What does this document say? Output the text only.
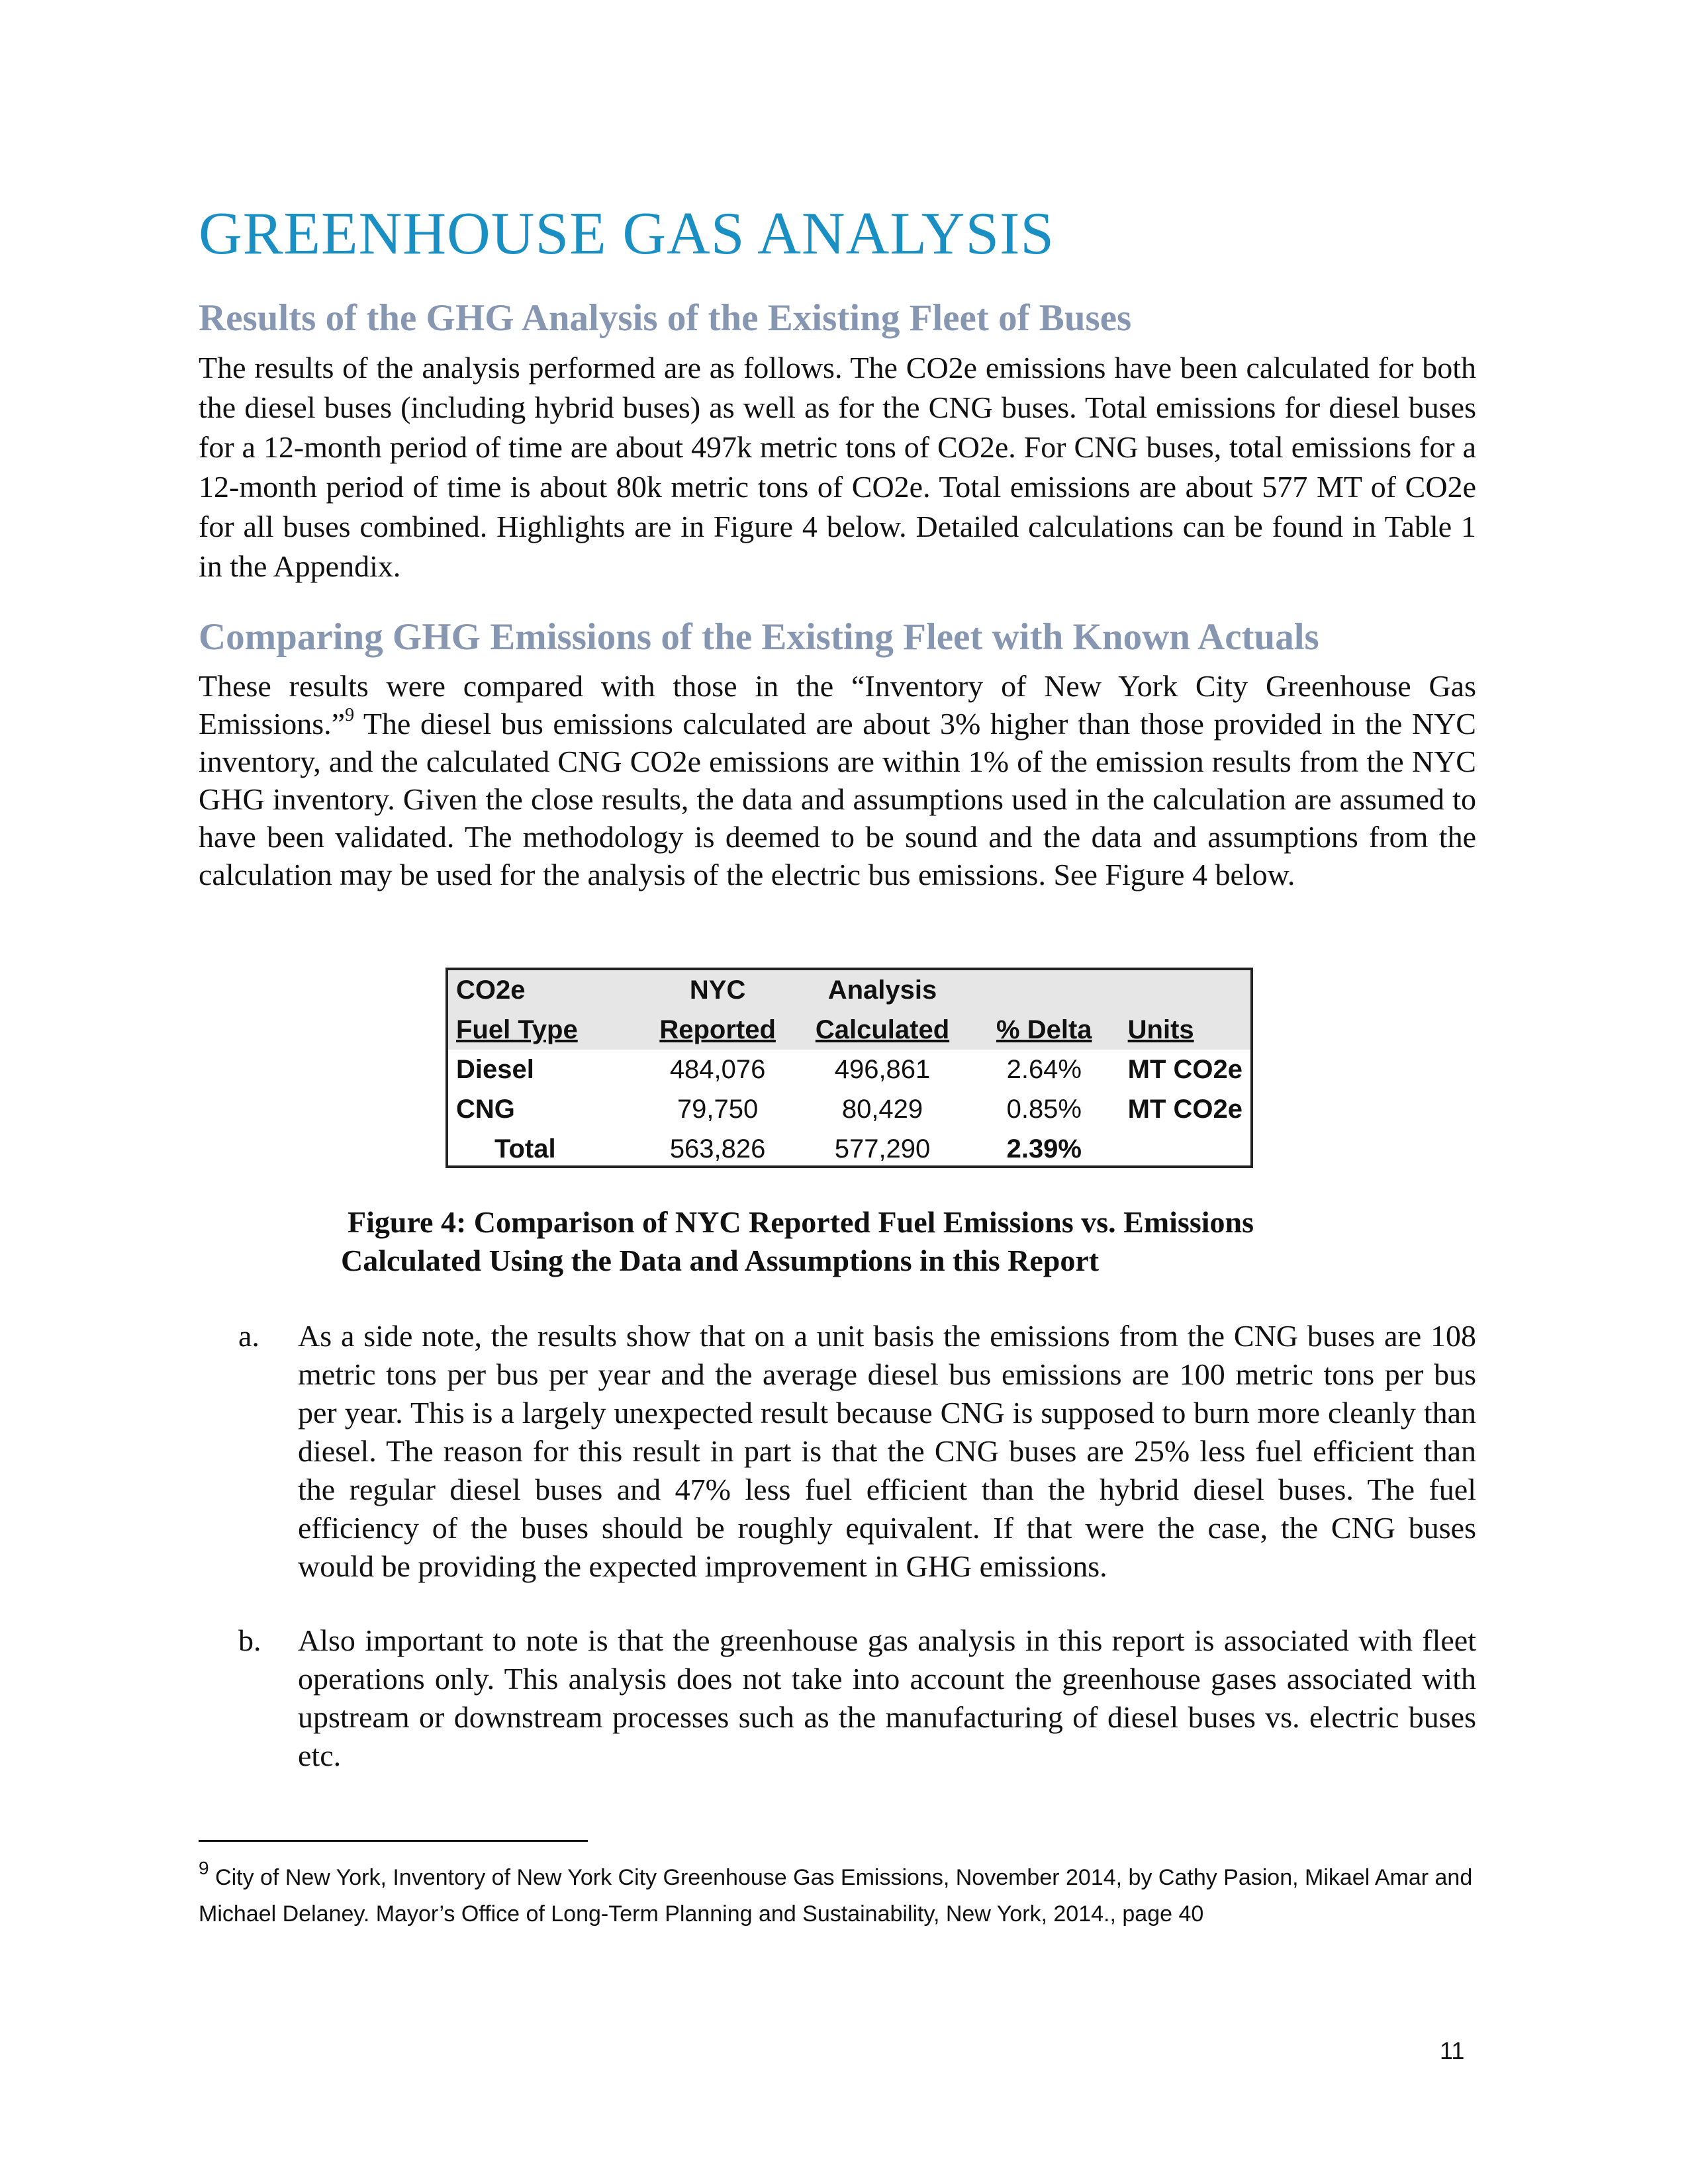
GREENHOUSE GAS ANALYSIS
Results of the GHG Analysis of the Existing Fleet of Buses

The results of the analysis performed are as follows. The CO2e emissions have been calculated for both the diesel buses (including hybrid buses) as well as for the CNG buses. Total emissions for diesel buses for a 12-month period of time are about 497k metric tons of CO2e. For CNG buses, total emissions for a 12-month period of time is about 80k metric tons of CO2e. Total emissions are about 577 MT of CO2e for all buses combined. Highlights are in Figure 4 below. Detailed calculations can be found in Table 1 in the Appendix.

Comparing GHG Emissions of the Existing Fleet with Known Actuals

These results were compared with those in the “Inventory of New York City Greenhouse Gas Emissions.”$^9$ The diesel bus emissions calculated are about 3% higher than those provided in the NYC inventory, and the calculated CNG CO2e emissions are within 1% of the emission results from the NYC GHG inventory. Given the close results, the data and assumptions used in the calculation are assumed to have been validated. The methodology is deemed to be sound and the data and assumptions from the calculation may be used for the analysis of the electric bus emissions. See Figure 4 below.

CO2e	NYC	Analysis		
Fuel Type	Reported	Calculated	% Delta	Units
Diesel	484,076	496,861	2.64%	MT CO2e
CNG	79,750	80,429	0.85%	MT CO2e
Total	563,826	577,290	2.39%	

Figure 4: Comparison of NYC Reported Fuel Emissions vs. Emissions

Calculated Using the Data and Assumptions in this Report

a. As a side note, the results show that on a unit basis the emissions from the CNG buses are 108 metric tons per bus per year and the average diesel bus emissions are 100 metric tons per bus per year. This is a largely unexpected result because CNG is supposed to burn more cleanly than diesel. The reason for this result in part is that the CNG buses are 25% less fuel efficient than the regular diesel buses and 47% less fuel efficient than the hybrid diesel buses. The fuel efficiency of the buses should be roughly equivalent. If that were the case, the CNG buses would be providing the expected improvement in GHG emissions.
b. Also important to note is that the greenhouse gas analysis in this report is associated with fleet operations only. This analysis does not take into account the greenhouse gases associated with upstream or downstream processes such as the manufacturing of diesel buses vs. electric buses etc.

$^9$ City of New York, Inventory of New York City Greenhouse Gas Emissions, November 2014, by Cathy Pasion, Mikael Amar and Michael Delaney. Mayor’s Office of Long-Term Planning and Sustainability, New York, 2014., page 40

11
